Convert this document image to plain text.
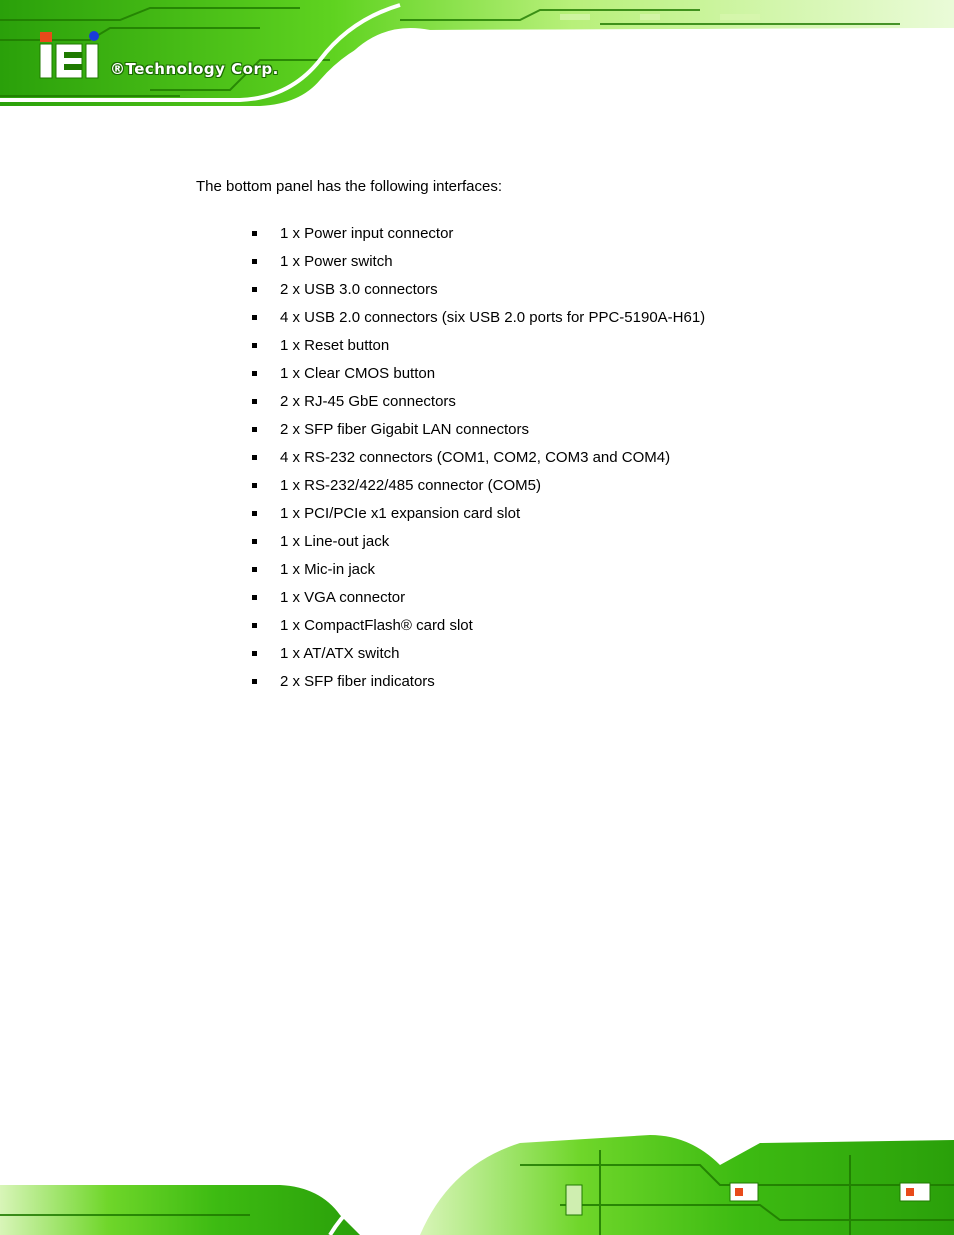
®Technology Corp.
The bottom panel has the following interfaces:
1 x Power input connector
1 x Power switch
2 x USB 3.0 connectors
4 x USB 2.0 connectors (six USB 2.0 ports for PPC-5190A-H61)
1 x Reset button
1 x Clear CMOS button
2 x RJ-45 GbE connectors
2 x SFP fiber Gigabit LAN connectors
4 x RS-232 connectors (COM1, COM2, COM3 and COM4)
1 x RS-232/422/485 connector (COM5)
1 x PCI/PCIe x1 expansion card slot
1 x Line-out jack
1 x Mic-in jack
1 x VGA connector
1 x CompactFlash® card slot
1 x AT/ATX switch
2 x SFP fiber indicators
